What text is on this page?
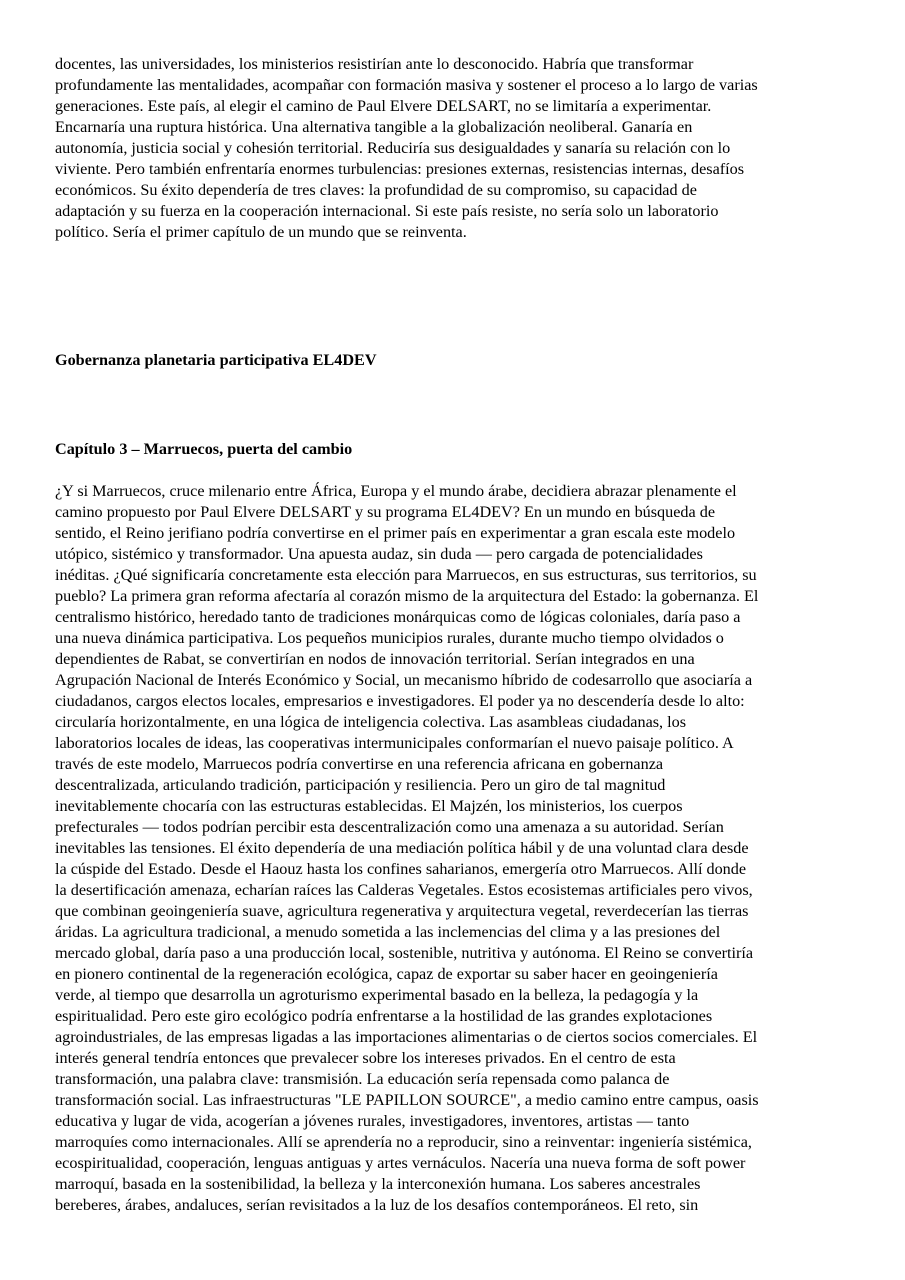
docentes, las universidades, los ministerios resistirían ante lo desconocido. Habría que transformar
profundamente las mentalidades, acompañar con formación masiva y sostener el proceso a lo largo de varias
generaciones. Este país, al elegir el camino de Paul Elvere DELSART, no se limitaría a experimentar.
Encarnaría una ruptura histórica. Una alternativa tangible a la globalización neoliberal. Ganaría en
autonomía, justicia social y cohesión territorial. Reduciría sus desigualdades y sanaría su relación con lo
viviente. Pero también enfrentaría enormes turbulencias: presiones externas, resistencias internas, desafíos
económicos. Su éxito dependería de tres claves: la profundidad de su compromiso, su capacidad de
adaptación y su fuerza en la cooperación internacional. Si este país resiste, no sería solo un laboratorio
político. Sería el primer capítulo de un mundo que se reinventa.
Gobernanza planetaria participativa EL4DEV
Capítulo 3 – Marruecos, puerta del cambio
¿Y si Marruecos, cruce milenario entre África, Europa y el mundo árabe, decidiera abrazar plenamente el
camino propuesto por Paul Elvere DELSART y su programa EL4DEV? En un mundo en búsqueda de
sentido, el Reino jerifiano podría convertirse en el primer país en experimentar a gran escala este modelo
utópico, sistémico y transformador. Una apuesta audaz, sin duda — pero cargada de potencialidades
inéditas. ¿Qué significaría concretamente esta elección para Marruecos, en sus estructuras, sus territorios, su
pueblo? La primera gran reforma afectaría al corazón mismo de la arquitectura del Estado: la gobernanza. El
centralismo histórico, heredado tanto de tradiciones monárquicas como de lógicas coloniales, daría paso a
una nueva dinámica participativa. Los pequeños municipios rurales, durante mucho tiempo olvidados o
dependientes de Rabat, se convertirían en nodos de innovación territorial. Serían integrados en una
Agrupación Nacional de Interés Económico y Social, un mecanismo híbrido de codesarrollo que asociaría a
ciudadanos, cargos electos locales, empresarios e investigadores. El poder ya no descendería desde lo alto:
circularía horizontalmente, en una lógica de inteligencia colectiva. Las asambleas ciudadanas, los
laboratorios locales de ideas, las cooperativas intermunicipales conformarían el nuevo paisaje político. A
través de este modelo, Marruecos podría convertirse en una referencia africana en gobernanza
descentralizada, articulando tradición, participación y resiliencia. Pero un giro de tal magnitud
inevitablemente chocaría con las estructuras establecidas. El Majzén, los ministerios, los cuerpos
prefecturales — todos podrían percibir esta descentralización como una amenaza a su autoridad. Serían
inevitables las tensiones. El éxito dependería de una mediación política hábil y de una voluntad clara desde
la cúspide del Estado. Desde el Haouz hasta los confines saharianos, emergería otro Marruecos. Allí donde
la desertificación amenaza, echarían raíces las Calderas Vegetales. Estos ecosistemas artificiales pero vivos,
que combinan geoingeniería suave, agricultura regenerativa y arquitectura vegetal, reverdecerían las tierras
áridas. La agricultura tradicional, a menudo sometida a las inclemencias del clima y a las presiones del
mercado global, daría paso a una producción local, sostenible, nutritiva y autónoma. El Reino se convertiría
en pionero continental de la regeneración ecológica, capaz de exportar su saber hacer en geoingeniería
verde, al tiempo que desarrolla un agroturismo experimental basado en la belleza, la pedagogía y la
espiritualidad. Pero este giro ecológico podría enfrentarse a la hostilidad de las grandes explotaciones
agroindustriales, de las empresas ligadas a las importaciones alimentarias o de ciertos socios comerciales. El
interés general tendría entonces que prevalecer sobre los intereses privados. En el centro de esta
transformación, una palabra clave: transmisión. La educación sería repensada como palanca de
transformación social. Las infraestructuras "LE PAPILLON SOURCE", a medio camino entre campus, oasis
educativa y lugar de vida, acogerían a jóvenes rurales, investigadores, inventores, artistas — tanto
marroquíes como internacionales. Allí se aprendería no a reproducir, sino a reinventar: ingeniería sistémica,
ecospiritualidad, cooperación, lenguas antiguas y artes vernáculos. Nacería una nueva forma de soft power
marroquí, basada en la sostenibilidad, la belleza y la interconexión humana. Los saberes ancestrales
bereberes, árabes, andaluces, serían revisitados a la luz de los desafíos contemporáneos. El reto, sin
